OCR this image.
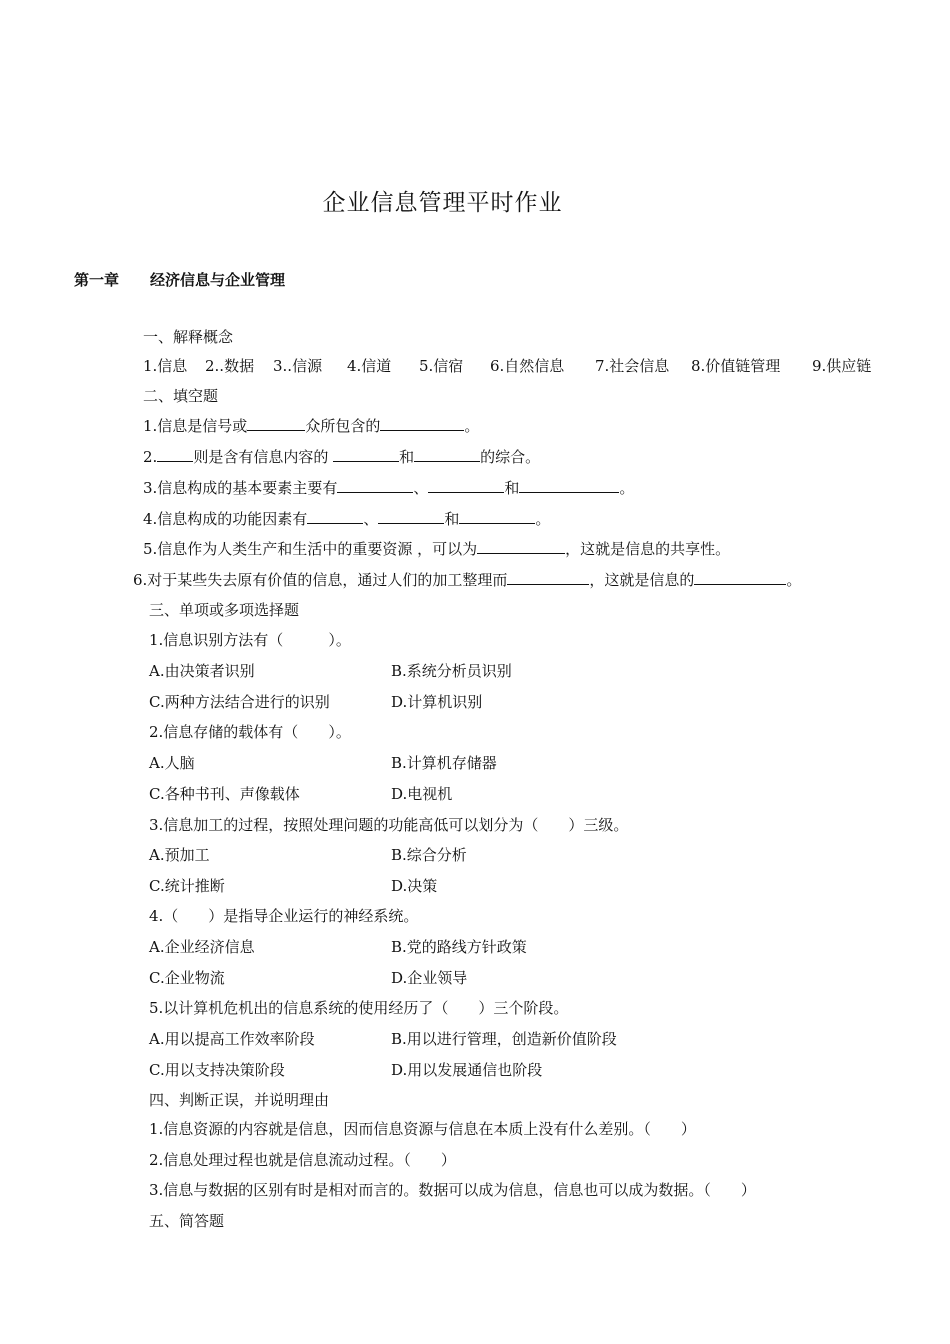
企业信息管理平时作业
第一章 经济信息与企业管理
一、解释概念
1.信息 2..数据 3..信源 4.信道 5.信宿 6.自然信息 7.社会信息 8.价值链管理 9.供应链
二、填空题
1.信息是信号或	众所包含的	。
2. 则是含有信息内容的	和	的综合。
3.信息构成的基本要素主要有	、	和	。
4.信息构成的功能因素有	、	和	。
5.信息作为人类生产和生活中的重要资源 ，可以为	，这就是信息的共享性。
6.对于某些失去原有价值的信息，通过人们的加工整理而	，这就是信息的	。
三、单项或多项选择题
1.信息识别方法有（　　　）。
A.由决策者识别	B.系统分析员识别
C.两种方法结合进行的识别	D.计算机识别
2.信息存储的载体有（　　）。
A.人脑	B.计算机存储器
C.各种书刊、声像载体	D.电视机
3.信息加工的过程，按照处理问题的功能高低可以划分为（　　）三级。
A.预加工	B.综合分析
C.统计推断	D.决策
4.（　　）是指导企业运行的神经系统。
A.企业经济信息	B.党的路线方针政策
C.企业物流	D.企业领导
5.以计算机危机出的信息系统的使用经历了（　　）三个阶段。
A.用以提高工作效率阶段	B.用以进行管理，创造新价值阶段
C.用以支持决策阶段	D.用以发展通信也阶段
四、判断正误，并说明理由
1.信息资源的内容就是信息，因而信息资源与信息在本质上没有什么差别。（　　）
2.信息处理过程也就是信息流动过程。（　　）
3.信息与数据的区别有时是相对而言的。数据可以成为信息，信息也可以成为数据。（　　）
五、简答题
